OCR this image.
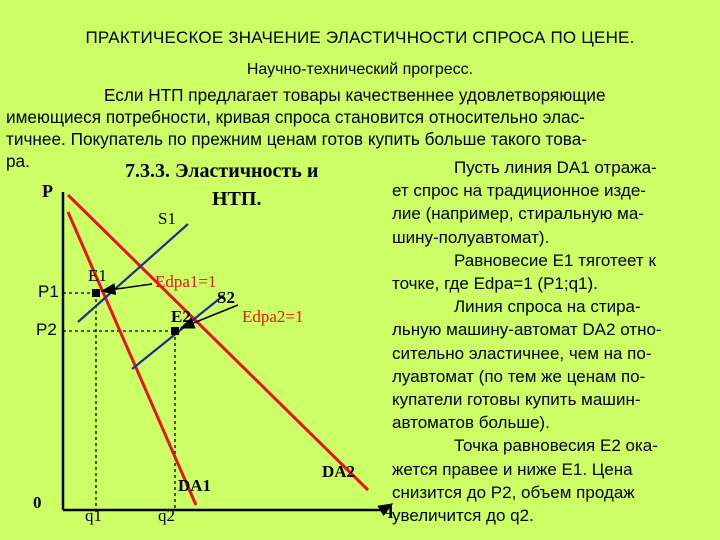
ПРАКТИЧЕСКОЕ ЗНАЧЕНИЕ ЭЛАСТИЧНОСТИ СПРОСА ПО ЦЕНЕ.
Научно-технический прогресс.
Если НТП предлагает товары качественнее удовлетворяющие
имеющиеся потребности, кривая спроса становится относительно элас-
тичнее. Покупатель по прежним ценам готов купить больше такого това-
ра.	Пусть линия DA1 отража-
ет спрос на традиционное изде-
лие (например, стиральную ма-
шину-полуавтомат).
Равновесие E1 тяготеет к
точке, где Edpa=1 (P1;q1).
Линия спроса на стира-
льную машину-автомат DA2 отно-
сительно эластичнее, чем на по-
луавтомат (по тем же ценам по-
купатели готовы купить машин-
автоматов больше).
Точка равновесия E2 ока-
жется правее и ниже E1. Цена
снизится до P2, объем продаж
увеличится до q2.
7.3.3. Эластичность и
НТП.
P
q
0
P1
P2
q1	q2
S1
S2
E1
E2
Edpa1=1
Edpa2=1
DA1
DA2
